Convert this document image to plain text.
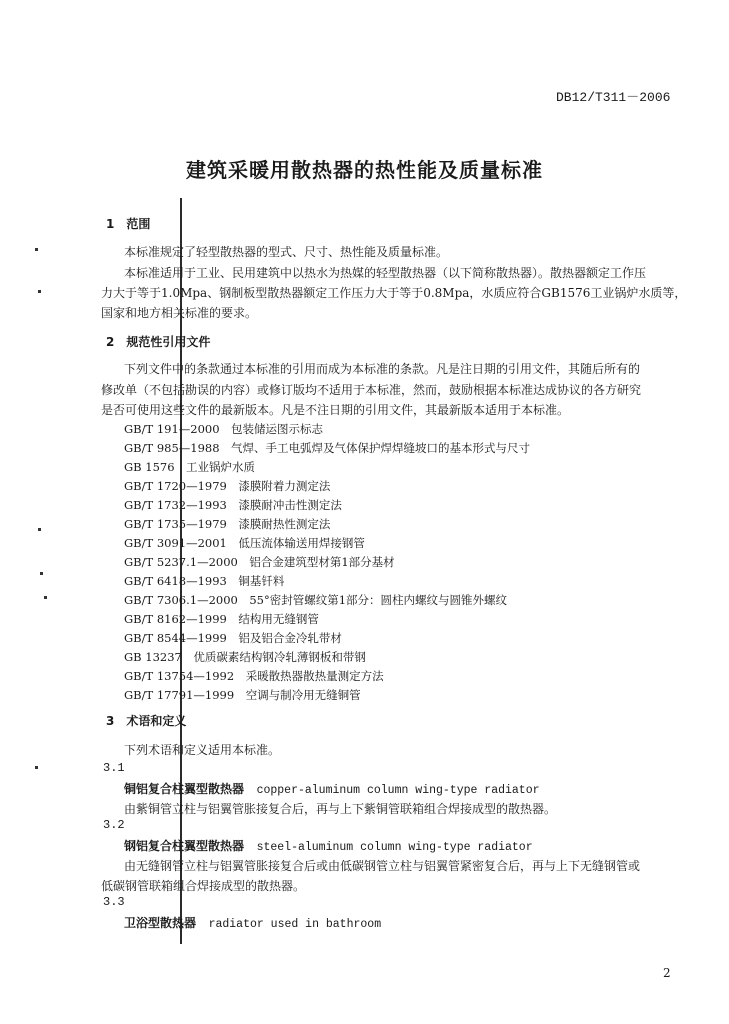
DB12/T311－2006
建筑采暖用散热器的热性能及质量标准
1　范围
本标准规定了轻型散热器的型式、尺寸、热性能及质量标准。
本标准适用于工业、民用建筑中以热水为热媒的轻型散热器（以下简称散热器）。散热器额定工作压
力大于等于1.0Mpa、钢制板型散热器额定工作压力大于等于0.8Mpa，水质应符合GB1576工业锅炉水质等，
国家和地方相关标准的要求。
2　规范性引用文件
下列文件中的条款通过本标准的引用而成为本标准的条款。凡是注日期的引用文件，其随后所有的
修改单（不包括勘误的内容）或修订版均不适用于本标准，然而，鼓励根据本标准达成协议的各方研究
是否可使用这些文件的最新版本。凡是不注日期的引用文件，其最新版本适用于本标准。
GB/T 191—2000　包装储运图示标志
GB/T 985—1988　气焊、手工电弧焊及气体保护焊焊缝坡口的基本形式与尺寸
GB 1576　工业锅炉水质
GB/T 1720—1979　漆膜附着力测定法
GB/T 1732—1993　漆膜耐冲击性测定法
GB/T 1735—1979　漆膜耐热性测定法
GB/T 3091—2001　低压流体输送用焊接钢管
GB/T 5237.1—2000　铝合金建筑型材第1部分基材
GB/T 6418—1993　铜基钎料
GB/T 7306.1—2000　55°密封管螺纹第1部分：圆柱内螺纹与圆锥外螺纹
GB/T 8162—1999　结构用无缝钢管
GB/T 8544—1999　铝及铝合金冷轧带材
GB 13237　优质碳素结构钢冷轧薄钢板和带钢
GB/T 13754—1992　采暖散热器散热量测定方法
GB/T 17791—1999　空调与制冷用无缝铜管
3　术语和定义
下列术语和定义适用本标准。
3.1
铜铝复合柱翼型散热器 copper-aluminum column wing-type radiator
由紫铜管立柱与铝翼管胀接复合后，再与上下紫铜管联箱组合焊接成型的散热器。
3.2
钢铝复合柱翼型散热器 steel-aluminum column wing-type radiator
由无缝钢管立柱与铝翼管胀接复合后或由低碳钢管立柱与铝翼管紧密复合后，再与上下无缝钢管或
低碳钢管联箱组合焊接成型的散热器。
3.3
卫浴型散热器 radiator used in bathroom
2
